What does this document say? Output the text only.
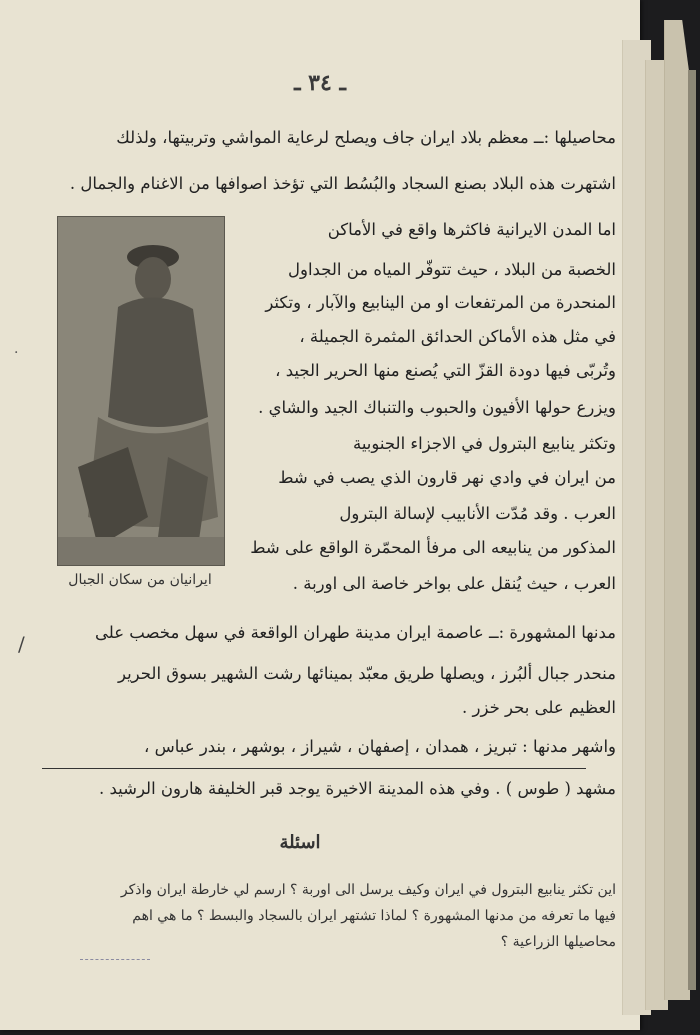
ـ ٣٤ ـ
محاصيلها :ــ معظم بلاد ايران جاف ويصلح لرعاية المواشي وتربيتها، ولذلك
اشتهرت هذه البلاد بصنع السجاد والبُسُط التي تؤخذ اصوافها من الاغنام والجمال .
اما المدن الايرانية فاكثرها واقع في الأماكن
الخصبة من البلاد ، حيث تتوفّر المياه من الجداول
المنحدرة من المرتفعات او من الينابيع والآبار ، وتكثر
في مثل هذه الأماكن الحدائق المثمرة الجميلة ،
وتُربّى فيها دودة القزّ التي يُصنع منها الحرير الجيد ،
ويزرع حولها الأفيون والحبوب والتنباك الجيد والشاي .
وتكثر ينابيع البترول في الاجزاء الجنوبية
من ايران في وادي نهر قارون الذي يصب في شط
العرب . وقد مُدّت الأنابيب لإسالة البترول
المذكور من ينابيعه الى مرفأ المحمّرة الواقع على شط
العرب ، حيث يُنقل على بواخر خاصة الى اوربة .
ايرانيان من سكان الجبال
مدنها المشهورة :ــ عاصمة ايران مدينة طهران الواقعة في سهل مخصب على
منحدر جبال ألبُرز ، ويصلها طريق معبّد بمينائها رشت الشهير بسوق الحرير
العظيم على بحر خزر .
واشهر مدنها : تبريز ، همدان ، إصفهان ، شيراز ، بوشهر ، بندر عباس ،
مشهد ( طوس ) . وفي هذه المدينة الاخيرة يوجد قبر الخليفة هارون الرشيد .
اسئلة
اين تكثر ينابيع البترول في ايران وكيف يرسل الى اوربة ؟ ارسم لي خارطة ايران واذكر
فيها ما تعرفه من مدنها المشهورة ؟ لماذا تشتهر ايران بالسجاد والبسط ؟ ما هي اهم
محاصيلها الزراعية ؟
/
·
